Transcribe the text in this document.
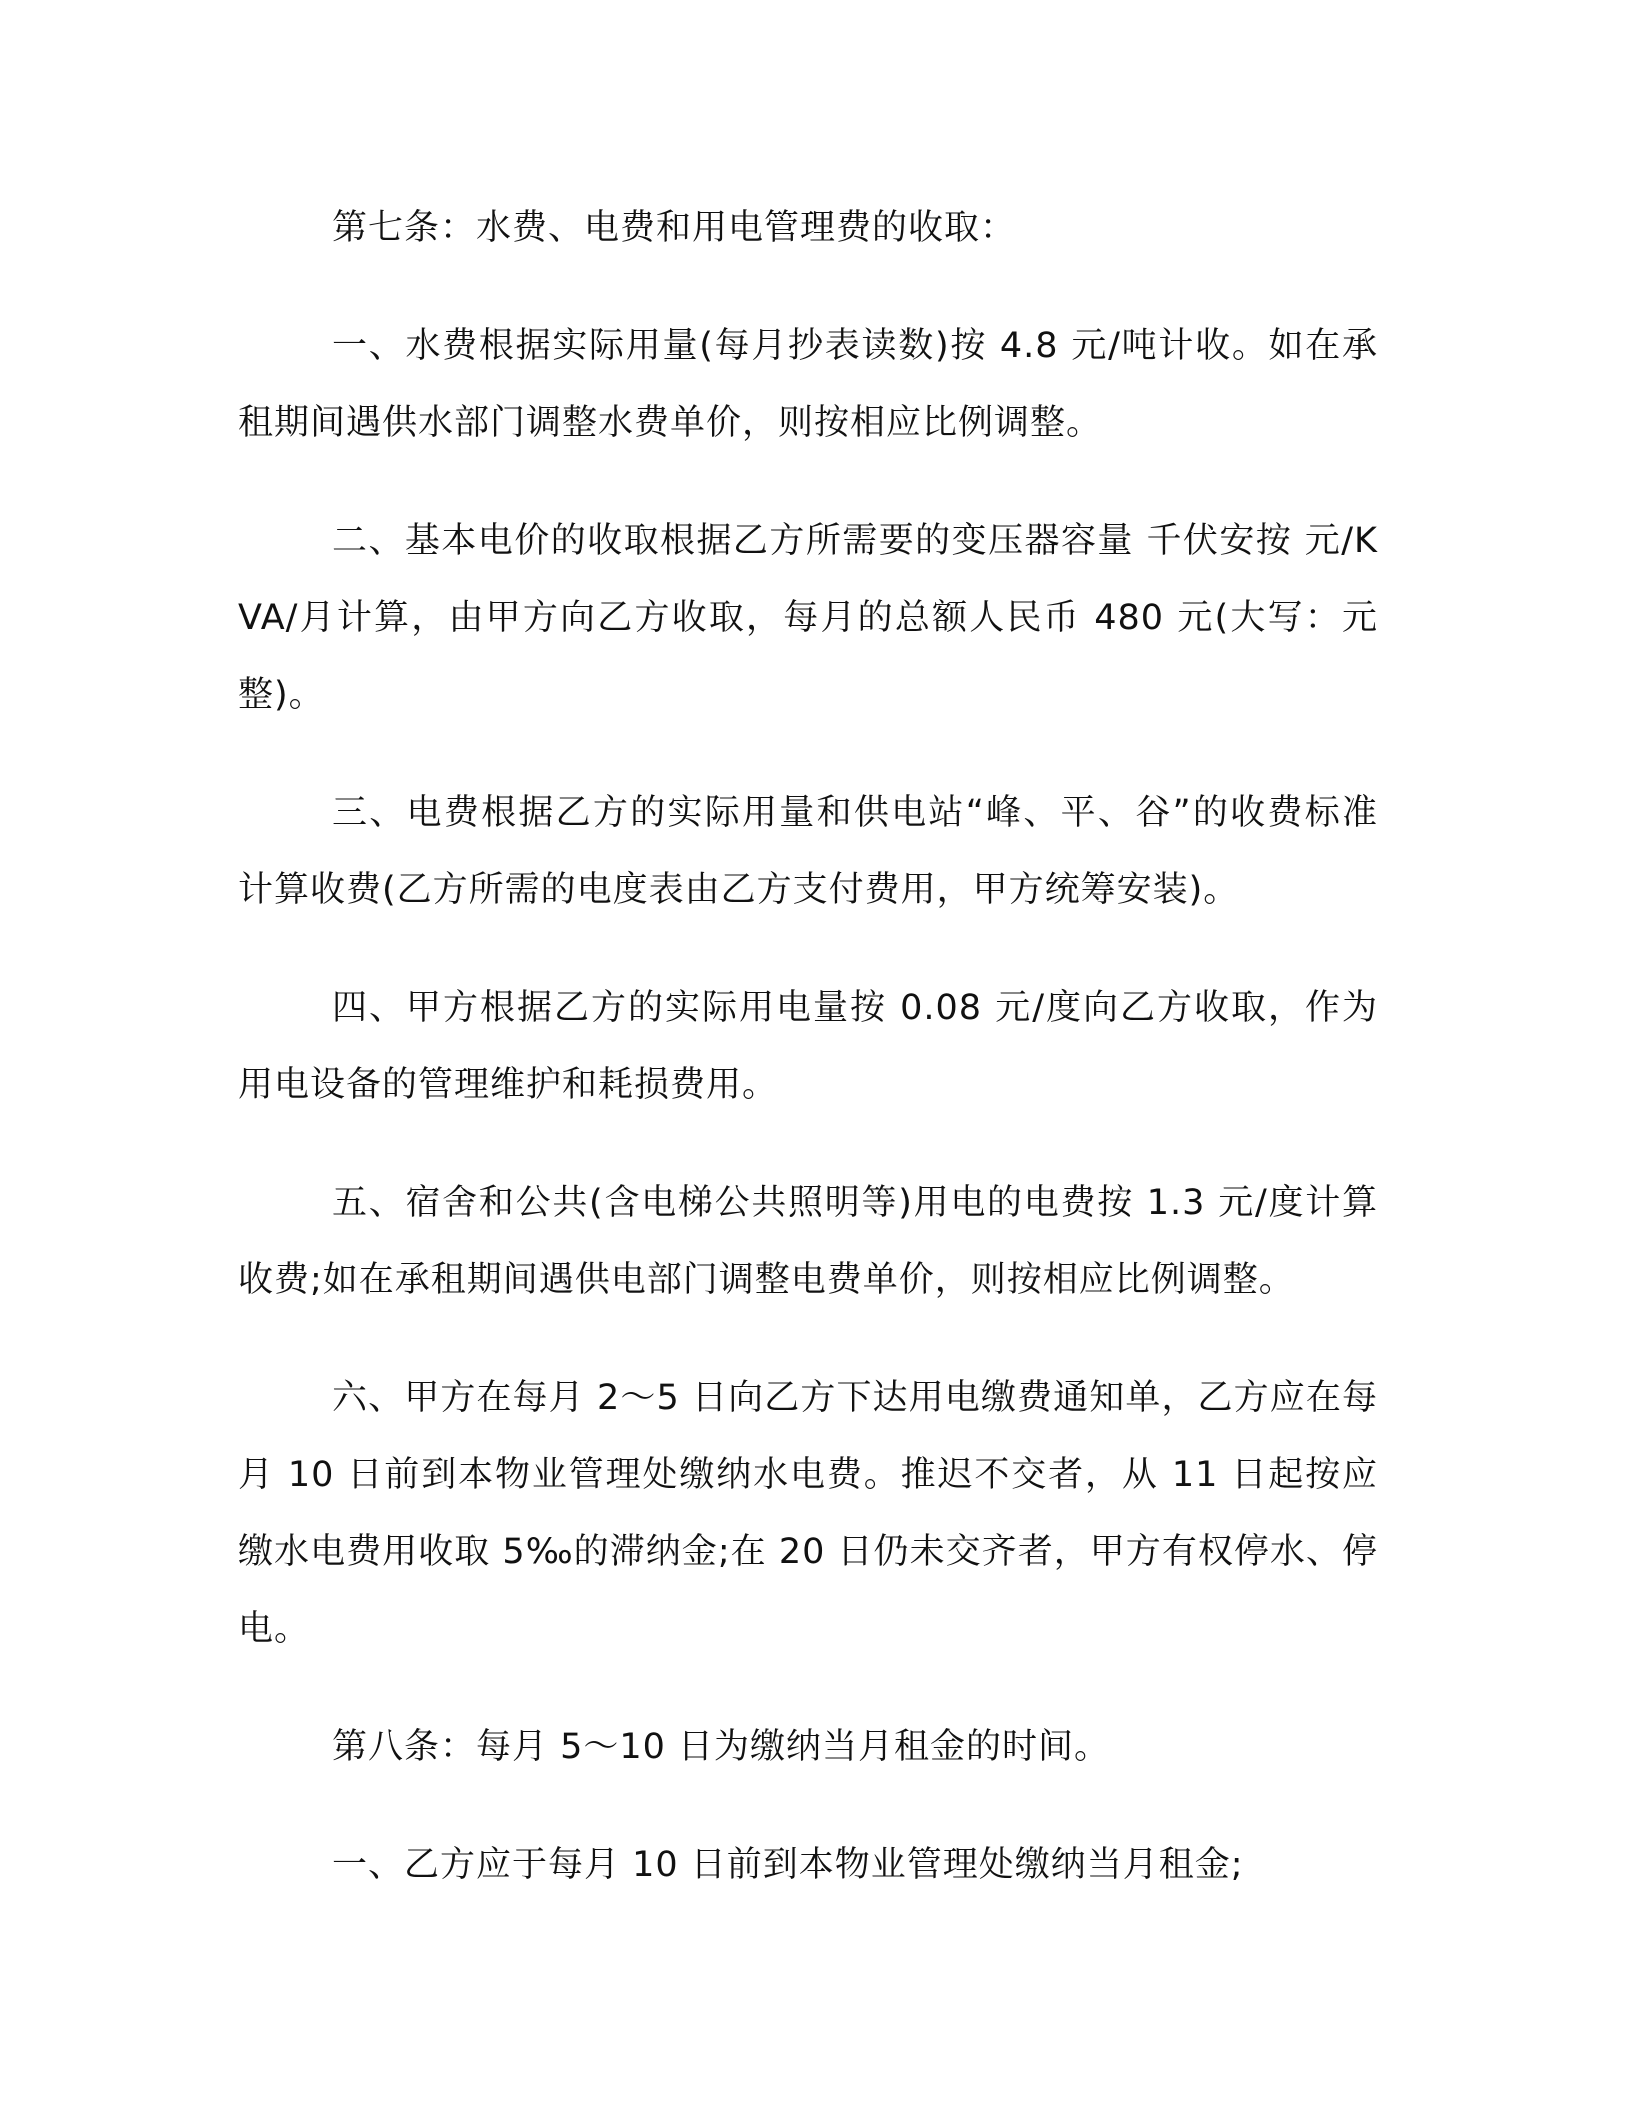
第七条：水费、电费和用电管理费的收取：

一、水费根据实际用量(每月抄表读数)按 4.8 元/吨计收。如在承租期间遇供水部门调整水费单价，则按相应比例调整。

二、基本电价的收取根据乙方所需要的变压器容量 千伏安按 元/KVA/月计算，由甲方向乙方收取，每月的总额人民币 480 元(大写：元整)。

三、电费根据乙方的实际用量和供电站“峰、平、谷”的收费标准计算收费(乙方所需的电度表由乙方支付费用，甲方统筹安装)。

四、甲方根据乙方的实际用电量按 0.08 元/度向乙方收取，作为用电设备的管理维护和耗损费用。

五、宿舍和公共(含电梯公共照明等)用电的电费按 1.3 元/度计算收费;如在承租期间遇供电部门调整电费单价，则按相应比例调整。

六、甲方在每月 2～5 日向乙方下达用电缴费通知单，乙方应在每月 10 日前到本物业管理处缴纳水电费。推迟不交者，从 11 日起按应缴水电费用收取 5‰的滞纳金;在 20 日仍未交齐者，甲方有权停水、停电。

第八条：每月 5～10 日为缴纳当月租金的时间。

一、乙方应于每月 10 日前到本物业管理处缴纳当月租金;
